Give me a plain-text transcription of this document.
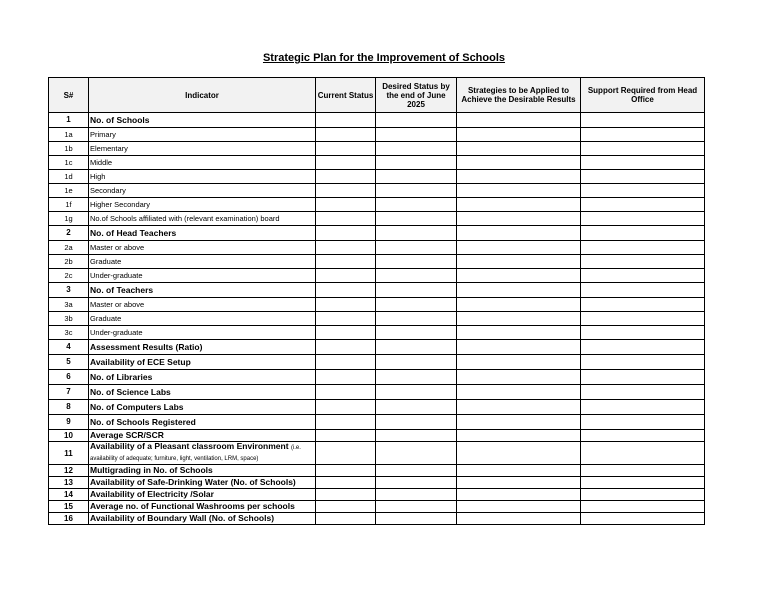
Strategic Plan for the Improvement of Schools
S#	Indicator	Current Status	Desired Status by the end of June 2025	Strategies to be Applied to Achieve the Desirable Results	Support Required from Head Office
1	No. of Schools				
1a	Primary				
1b	Elementary				
1c	Middle				
1d	High				
1e	Secondary				
1f	Higher Secondary				
1g	No.of Schools affiliated with (relevant examination) board				
2	No. of Head Teachers				
2a	Master or above				
2b	Graduate				
2c	Under-graduate				
3	No. of Teachers				
3a	Master or above				
3b	Graduate				
3c	Under-graduate				
4	Assessment Results (Ratio)				
5	Availability of ECE Setup				
6	No. of Libraries				
7	No. of Science Labs				
8	No. of Computers Labs				
9	No. of Schools Registered				
10	Average SCR/SCR				
11	Availability of a Pleasant classroom Environment (i.e. availability of adequate; furniture, light, ventilation, LRM, space)				
12	Multigrading in No. of Schools				
13	Availability of Safe-Drinking Water (No. of Schools)				
14	Availability of Electricity /Solar				
15	Average no. of Functional Washrooms per schools				
16	Availability of Boundary Wall (No. of Schools)				
